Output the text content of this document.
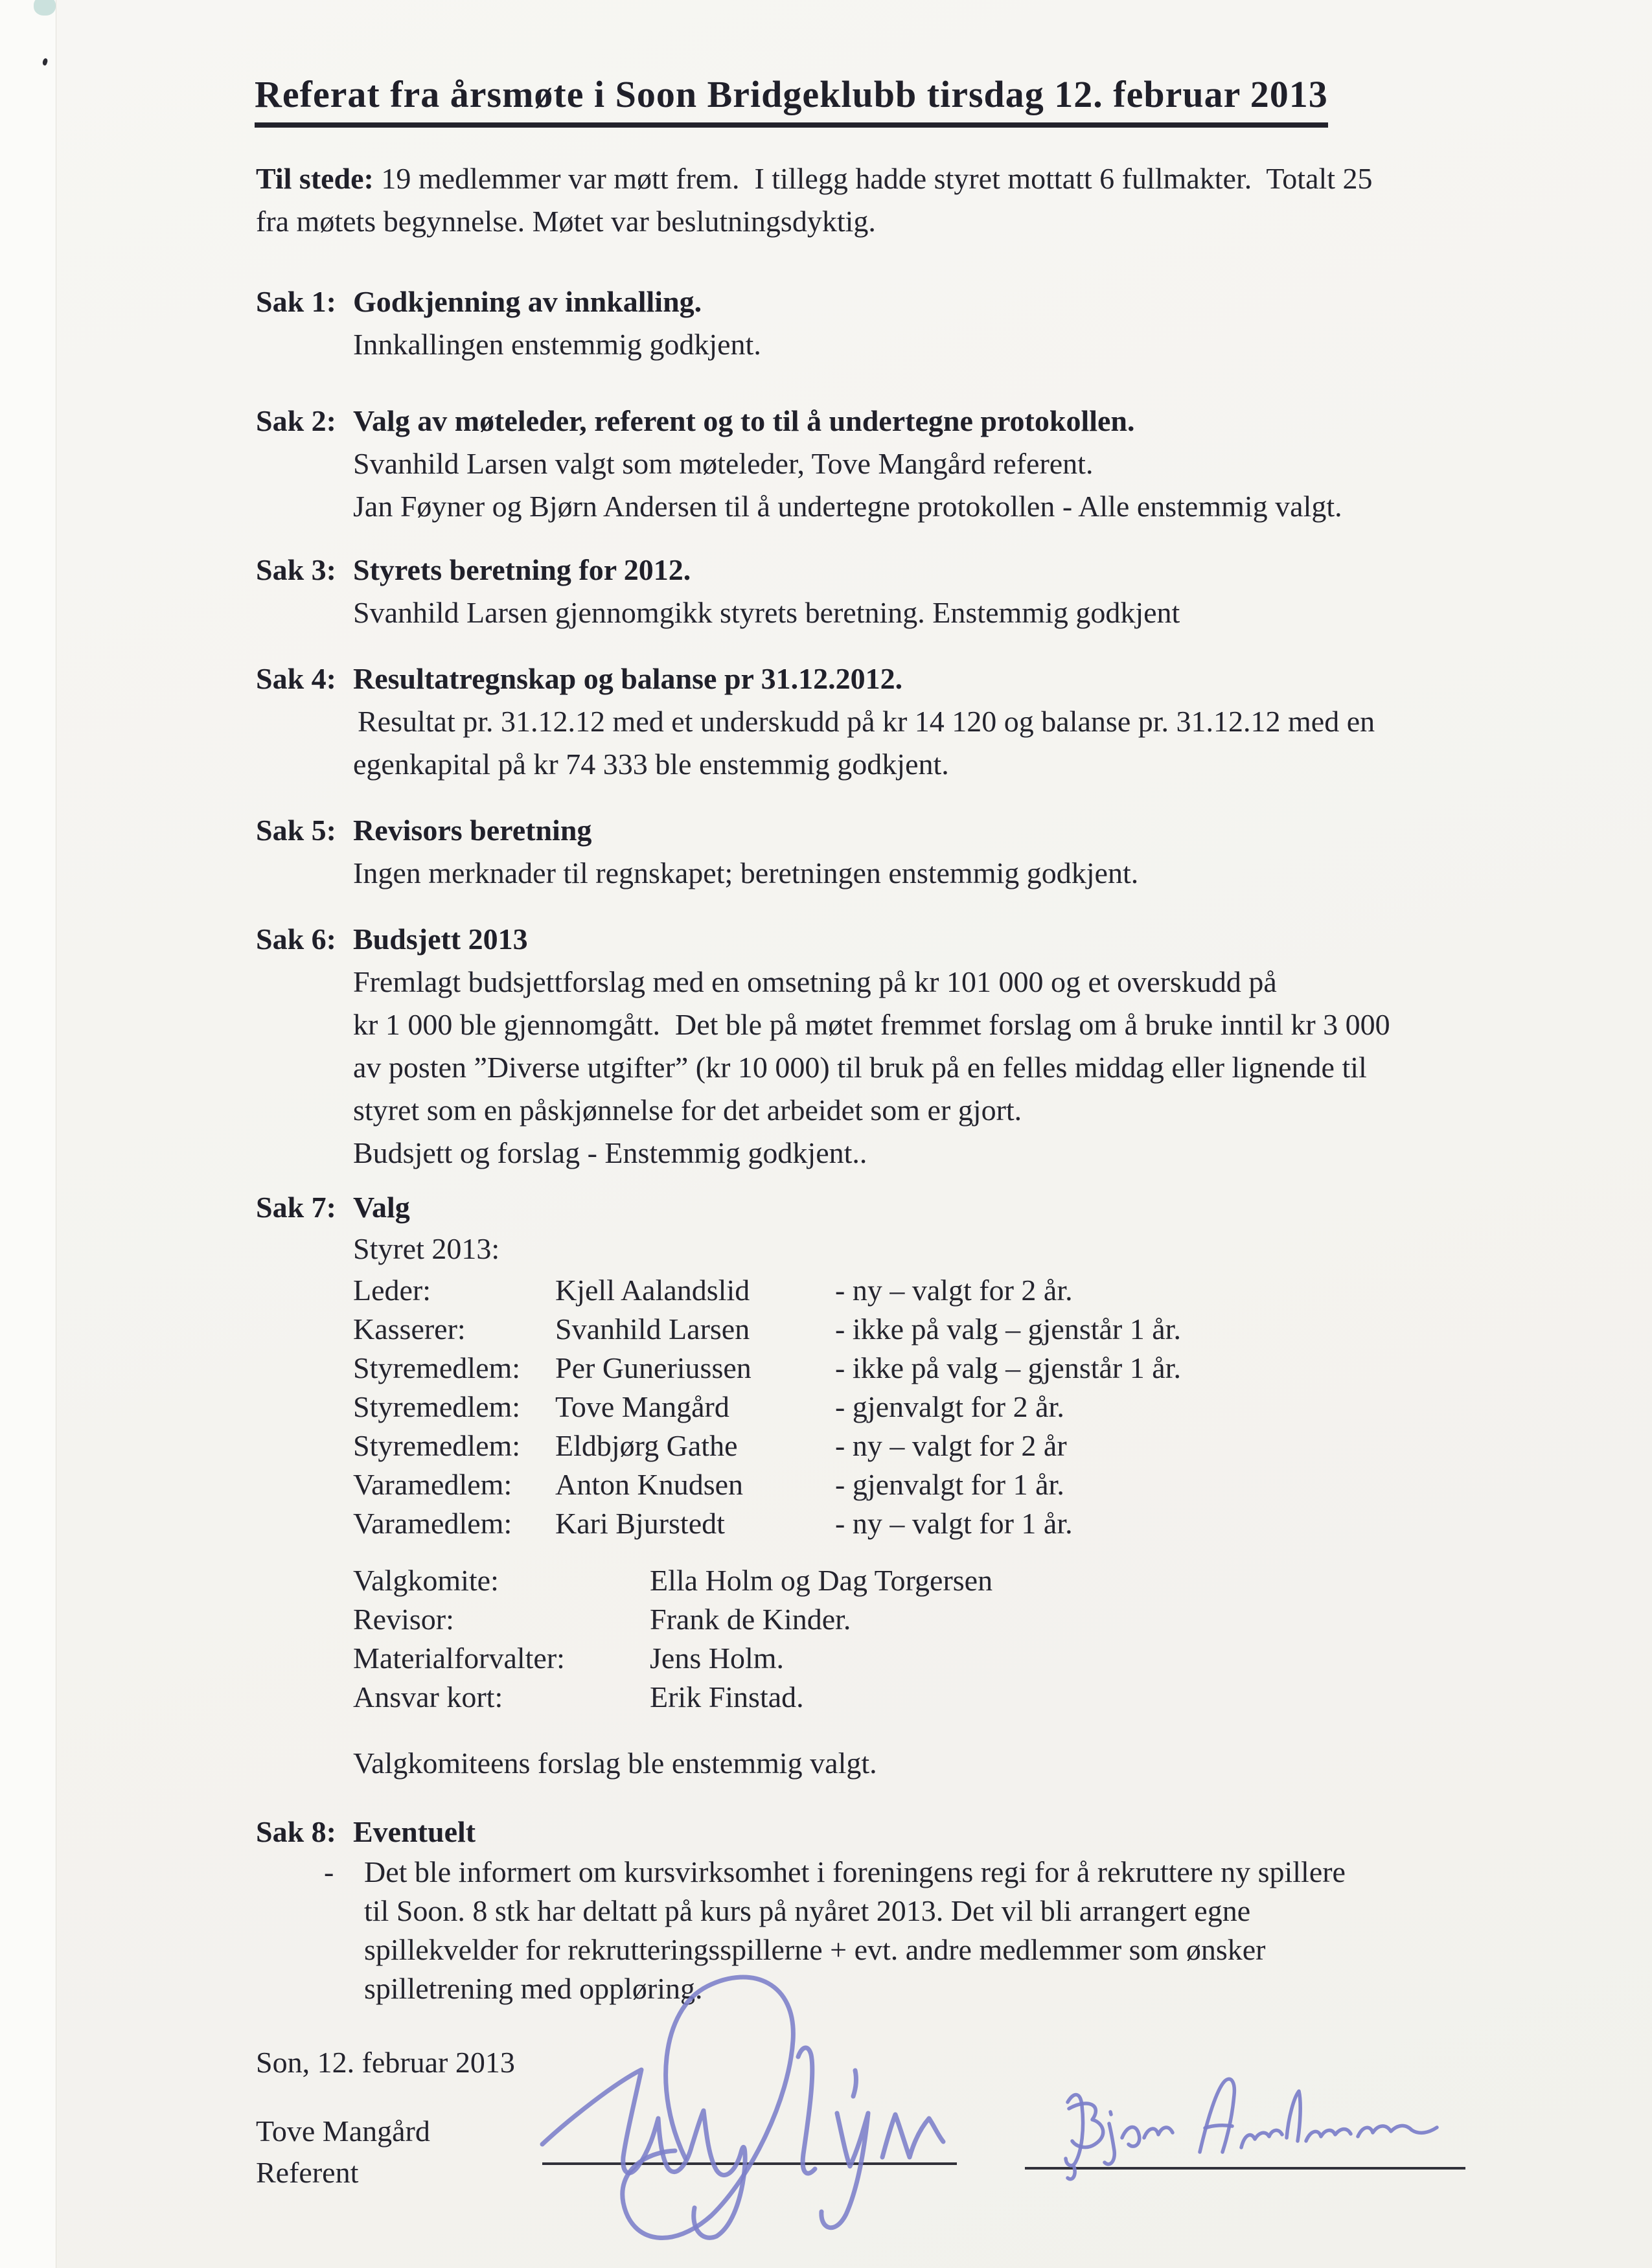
Referat fra årsmøte i Soon Bridgeklubb tirsdag 12. februar 2013
Til stede: 19 medlemmer var møtt frem.  I tillegg hadde styret mottatt 6 fullmakter.  Totalt 25
fra møtets begynnelse. Møtet var beslutningsdyktig.
Sak 1: Godkjenning av innkalling.
Innkallingen enstemmig godkjent.
Sak 2: Valg av møteleder, referent og to til å undertegne protokollen.
Svanhild Larsen valgt som møteleder, Tove Mangård referent.
Jan Føyner og Bjørn Andersen til å undertegne protokollen - Alle enstemmig valgt.
Sak 3: Styrets beretning for 2012.
Svanhild Larsen gjennomgikk styrets beretning. Enstemmig godkjent
Sak 4: Resultatregnskap og balanse pr 31.12.2012.
Resultat pr. 31.12.12 med et underskudd på kr 14 120 og balanse pr. 31.12.12 med en
egenkapital på kr 74 333 ble enstemmig godkjent.
Sak 5: Revisors beretning
Ingen merknader til regnskapet; beretningen enstemmig godkjent.
Sak 6: Budsjett 2013
Fremlagt budsjettforslag med en omsetning på kr 101 000 og et overskudd på
kr 1 000 ble gjennomgått.  Det ble på møtet fremmet forslag om å bruke inntil kr 3 000
av posten ”Diverse utgifter” (kr 10 000) til bruk på en felles middag eller lignende til
styret som en påskjønnelse for det arbeidet som er gjort.
Budsjett og forslag - Enstemmig godkjent..
Sak 7: Valg
Styret 2013:
Leder:	Kjell Aalandslid	- ny – valgt for 2 år.
Kasserer:	Svanhild Larsen	- ikke på valg – gjenstår 1 år.
Styremedlem:	Per Guneriussen	- ikke på valg – gjenstår 1 år.
Styremedlem:	Tove Mangård	- gjenvalgt for 2 år.
Styremedlem:	Eldbjørg Gathe	- ny – valgt for 2 år
Varamedlem:	Anton Knudsen	- gjenvalgt for 1 år.
Varamedlem:	Kari Bjurstedt	- ny – valgt for 1 år.
Valgkomite:	Ella Holm og Dag Torgersen
Revisor:	Frank de Kinder.
Materialforvalter:	Jens Holm.
Ansvar kort:	Erik Finstad.
Valgkomiteens forslag ble enstemmig valgt.
Sak 8: Eventuelt
- Det ble informert om kursvirksomhet i foreningens regi for å rekruttere ny spillere
til Soon. 8 stk har deltatt på kurs på nyåret 2013. Det vil bli arrangert egne
spillekvelder for rekrutteringsspillerne + evt. andre medlemmer som ønsker
spilletrening med oppløring.
Son, 12. februar 2013
Tove Mangård
Referent
